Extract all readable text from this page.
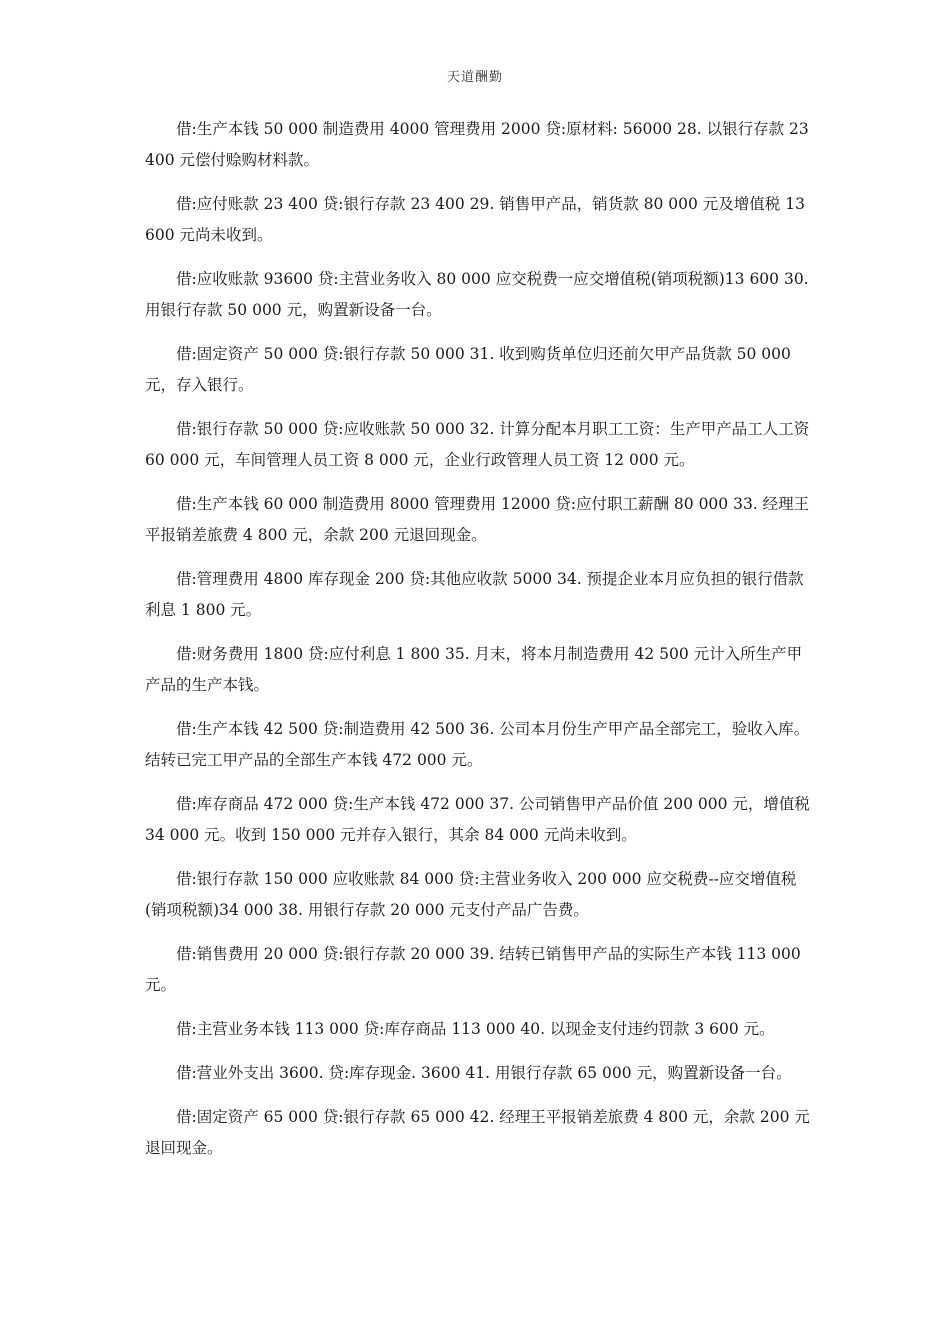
天道酬勤

借:生产本钱 50 000 制造费用 4000 管理费用 2000 贷:原材料: 56000 28. 以银行存款 23 400 元偿付赊购材料款。

借:应付账款 23 400 贷:银行存款 23 400 29. 销售甲产品，销货款 80 000 元及增值税 13 600 元尚未收到。

借:应收账款 93600 贷:主营业务收入 80 000 应交税费一应交增值税(销项税额)13 600 30. 用银行存款 50 000 元，购置新设备一台。

借:固定资产 50 000 贷:银行存款 50 000 31. 收到购货单位归还前欠甲产品货款 50 000 元，存入银行。

借:银行存款 50 000 贷:应收账款 50 000 32. 计算分配本月职工工资：生产甲产品工人工资 60 000 元，车间管理人员工资 8 000 元，企业行政管理人员工资 12 000 元。

借:生产本钱 60 000 制造费用 8000 管理费用 12000 贷:应付职工薪酬 80 000 33. 经理王平报销差旅费 4 800 元，余款 200 元退回现金。

借:管理费用 4800 库存现金 200 贷:其他应收款 5000 34. 预提企业本月应负担的银行借款利息 1 800 元。

借:财务费用 1800 贷:应付利息 1 800 35. 月末，将本月制造费用 42 500 元计入所生产甲产品的生产本钱。

借:生产本钱 42 500 贷:制造费用 42 500 36. 公司本月份生产甲产品全部完工，验收入库。结转已完工甲产品的全部生产本钱 472 000 元。

借:库存商品 472 000 贷:生产本钱 472 000 37. 公司销售甲产品价值 200 000 元，增值税 34 000 元。收到 150 000 元并存入银行，其余 84 000 元尚未收到。

借:银行存款 150 000 应收账款 84 000 贷:主营业务收入 200 000 应交税费--应交增值税(销项税额)34 000 38. 用银行存款 20 000 元支付产品广告费。

借:销售费用 20 000 贷:银行存款 20 000 39. 结转已销售甲产品的实际生产本钱 113 000 元。

借:主营业务本钱 113 000 贷:库存商品 113 000 40. 以现金支付违约罚款 3 600 元。

借:营业外支出 3600. 贷:库存现金. 3600 41. 用银行存款 65 000 元，购置新设备一台。

借:固定资产 65 000 贷:银行存款 65 000 42. 经理王平报销差旅费 4 800 元，余款 200 元退回现金。
